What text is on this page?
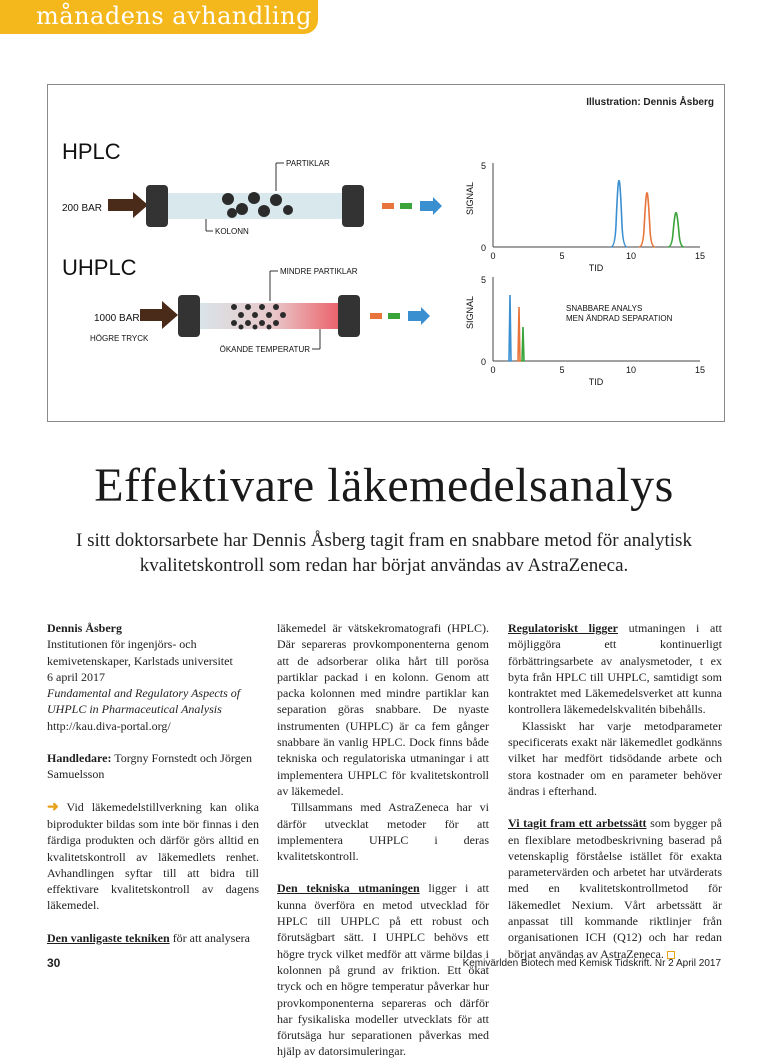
månadens avhandling
Illustration: Dennis Åsberg
HPLC
200 BAR
PARTIKLAR
KOLONN
SIGNAL
5
0
0	5	10	15
TID
UHPLC
1000 BAR
HÖGRE TRYCK
MINDRE PARTIKLAR
ÖKANDE TEMPERATUR
SIGNAL
5
0
0	5	10	15
TID
SNABBARE ANALYS
MEN ÄNDRAD SEPARATION
Effektivare läkemedelsanalys

I sitt doktorsarbete har Dennis Åsberg tagit fram en snabbare metod för analytisk kvalitetskontroll som redan har börjat användas av AstraZeneca.

Dennis Åsberg

Institutionen för ingenjörs- och kemivetenskaper, Karlstads universitet

6 april 2017

Fundamental and Regulatory Aspects of UHPLC in Pharmaceutical Analysis

http://kau.diva-portal.org/

Handledare: Torgny Fornstedt och Jörgen Samuelsson

➜ Vid läkemedelstillverkning kan olika biprodukter bildas som inte bör finnas i den färdiga produkten och därför görs alltid en kvalitetskontroll av läkemedlets renhet. Avhandlingen syftar till att bidra till effektivare kvalitetskontroll av dagens läkemedel.

Den vanligaste tekniken för att analysera

läkemedel är vätskekromatografi (HPLC). Där separeras provkomponenterna genom att de adsorberar olika hårt till porösa partiklar packad i en kolonn. Genom att packa kolonnen med mindre partiklar kan separation göras snabbare. De nyaste instrumenten (UHPLC) är ca fem gånger snabbare än vanlig HPLC. Dock finns både tekniska och regulatoriska utmaningar i att implementera UHPLC för kvalitetskontroll av läkemedel.

Tillsammans med AstraZeneca har vi därför utvecklat metoder för att implementera UHPLC i deras kvalitetskontroll.

Den tekniska utmaningen ligger i att kunna överföra en metod utvecklad för HPLC till UHPLC på ett robust och förutsägbart sätt. I UHPLC behövs ett högre tryck vilket medför att värme bildas i kolonnen på grund av friktion. Ett ökat tryck och en högre temperatur påverkar hur provkomponenterna separeras och därför har fysikaliska modeller utvecklats för att förutsäga hur separationen påverkas med hjälp av datorsimuleringar.

Regulatoriskt ligger utmaningen i att möjliggöra ett kontinuerligt förbättringsarbete av analysmetoder, t ex byta från HPLC till UHPLC, samtidigt som kontraktet med Läkemedelsverket att kunna kontrollera läkemedelskvalitén bibehålls.

Klassiskt har varje metodparameter specificerats exakt när läkemedlet godkänns vilket har medfört tidsödande arbete och stora kostnader om en parameter behöver ändras i efterhand.

Vi tagit fram ett arbetssätt som bygger på en flexiblare metodbeskrivning baserad på vetenskaplig förståelse istället för exakta parametervärden och arbetet har utvärderats med en kvalitetskontrollmetod för läkemedlet Nexium. Vårt arbetssätt är anpassat till kommande riktlinjer från organisationen ICH (Q12) och har redan börjat användas av AstraZeneca.

30	Kemivärlden Biotech med Kemisk Tidskrift. Nr 2 April 2017
